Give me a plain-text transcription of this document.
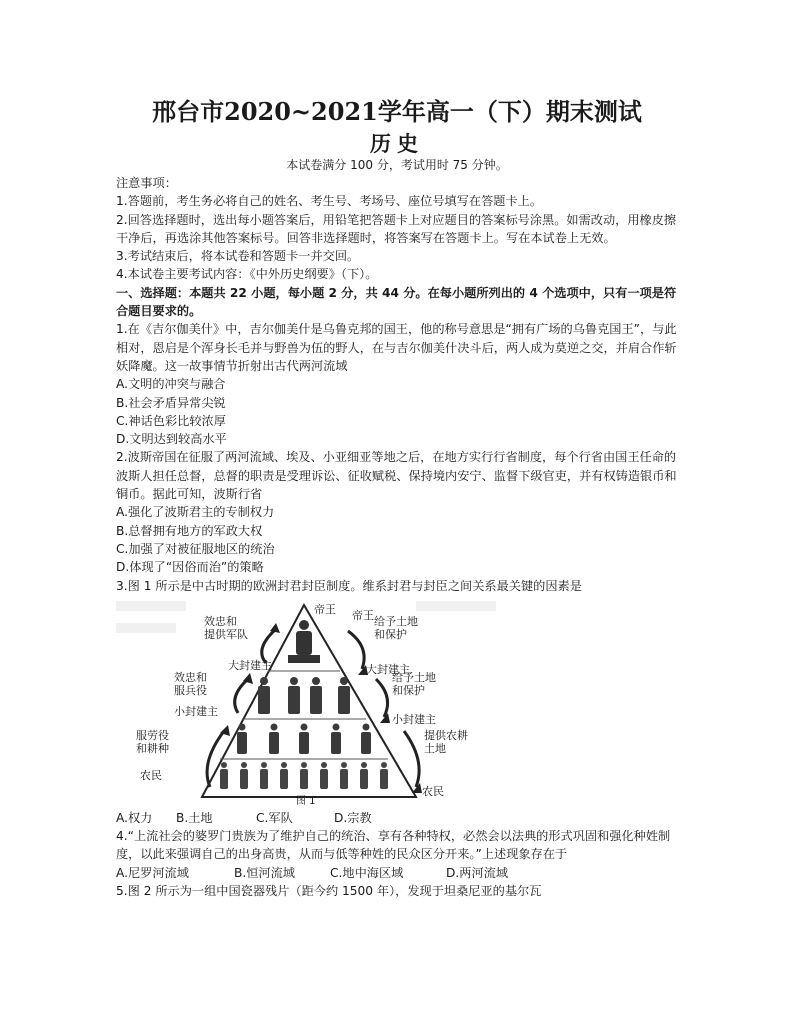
邢台市2020~2021学年高一（下）期末测试
历史
本试卷满分 100 分，考试用时 75 分钟。

注意事项：

1.答题前，考生务必将自己的姓名、考生号、考场号、座位号填写在答题卡上。

2.回答选择题时，选出每小题答案后，用铅笔把答题卡上对应题目的答案标号涂黑。如需改动，用橡皮擦干净后，再选涂其他答案标号。回答非选择题时，将答案写在答题卡上。写在本试卷上无效。

3.考试结束后，将本试卷和答题卡一并交回。

4.本试卷主要考试内容：《中外历史纲要》（下）。

一、选择题：本题共 22 小题，每小题 2 分，共 44 分。在每小题所列出的 4 个选项中，只有一项是符合题目要求的。

1.在《吉尔伽美什》中，吉尔伽美什是乌鲁克邦的国王，他的称号意思是“拥有广场的乌鲁克国王”，与此相对，恩启是个浑身长毛并与野兽为伍的野人，在与吉尔伽美什决斗后，两人成为莫逆之交，并肩合作斩妖降魔。这一故事情节折射出古代两河流域

A.文明的冲突与融合

B.社会矛盾异常尖锐

C.神话色彩比较浓厚

D.文明达到较高水平

2.波斯帝国在征服了两河流域、埃及、小亚细亚等地之后，在地方实行行省制度，每个行省由国王任命的波斯人担任总督，总督的职责是受理诉讼、征收赋税、保持境内安宁、监督下级官吏，并有权铸造银币和铜币。据此可知，波斯行省

A.强化了波斯君主的专制权力

B.总督拥有地方的军政大权

C.加强了对被征服地区的统治

D.体现了“因俗而治”的策略

3.图 1 所示是中古时期的欧洲封君封臣制度。维系封君与封臣之间关系最关键的因素是

帝王 帝王
效忠和
提供军队
给予土地
和保护
大封建主	大封建主
效忠和
服兵役
给予土地
和保护
小封建主
小封建主
服劳役
和耕种
提供农耕
土地
农民
农民
图 1

A.权力 B.土地	C.军队	D.宗教

4.“上流社会的婆罗门贵族为了维护自己的统治、享有各种特权，必然会以法典的形式巩固和强化种姓制度，以此来强调自己的出身高贵，从而与低等种姓的民众区分开来。”上述现象存在于

A.尼罗河流域	B.恒河流域	C.地中海区域	D.两河流域

5.图 2 所示为一组中国瓷器残片（距今约 1500 年），发现于坦桑尼亚的基尔瓦
